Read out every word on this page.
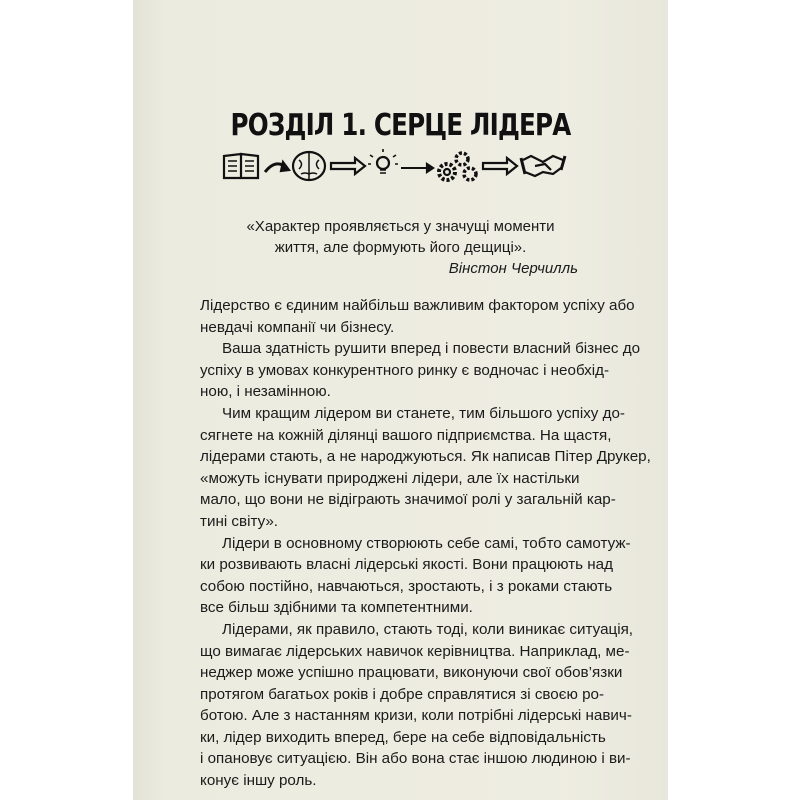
РОЗДІЛ 1. СЕРЦЕ ЛІДЕРА
«Характер проявляється у значущі моменти
життя, але формують його дещиці».
Вінстон Черчилль
Лідерство є єдиним найбільш важливим фактором успіху або
невдачі компанії чи бізнесу.
Ваша здатність рушити вперед і повести власний бізнес до
успіху в умовах конкурентного ринку є водночас і необхід-
ною, і незамінною.
Чим кращим лідером ви станете, тим більшого успіху до-
сягнете на кожній ділянці вашого підприємства. На щастя,
лідерами стають, а не народжуються. Як написав Пітер Друкер,
«можуть існувати природжені лідери, але їх настільки
мало, що вони не відіграють значимої ролі у загальній кар-
тині світу».
Лідери в основному створюють себе самі, тобто самотуж-
ки розвивають власні лідерські якості. Вони працюють над
собою постійно, навчаються, зростають, і з роками стають
все більш здібними та компетентними.
Лідерами, як правило, стають тоді, коли виникає ситуація,
що вимагає лідерських навичок керівництва. Наприклад, ме-
неджер може успішно працювати, виконуючи свої обов’язки
протягом багатьох років і добре справлятися зі своєю ро-
ботою. Але з настанням кризи, коли потрібні лідерські навич-
ки, лідер виходить вперед, бере на себе відповідальність
і опановує ситуацією. Він або вона стає іншою людиною і ви-
конує іншу роль.
